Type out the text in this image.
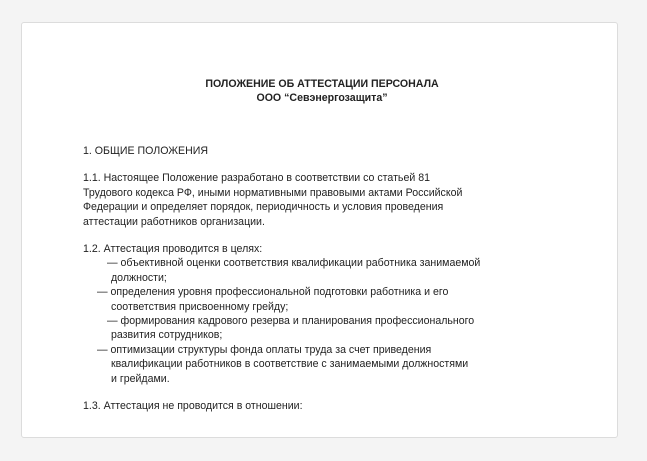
ПОЛОЖЕНИЕ ОБ АТТЕСТАЦИИ ПЕРСОНАЛА
ООО “Севэнергозащита”
1. ОБЩИЕ ПОЛОЖЕНИЯ

1.1. Настоящее Положение разработано в соответствии со статьей 81

Трудового кодекса РФ, иными нормативными правовыми актами Российской

Федерации и определяет порядок, периодичность и условия проведения

аттестации работников организации.

1.2. Аттестация проводится в целях:

— объективной оценки соответствия квалификации работника занимаемой

должности;

— определения уровня профессиональной подготовки работника и его

соответствия присвоенному грейду;

— формирования кадрового резерва и планирования профессионального

развития сотрудников;

— оптимизации структуры фонда оплаты труда за счет приведения

квалификации работников в соответствие с занимаемыми должностями

и грейдами.

1.3. Аттестация не проводится в отношении:
